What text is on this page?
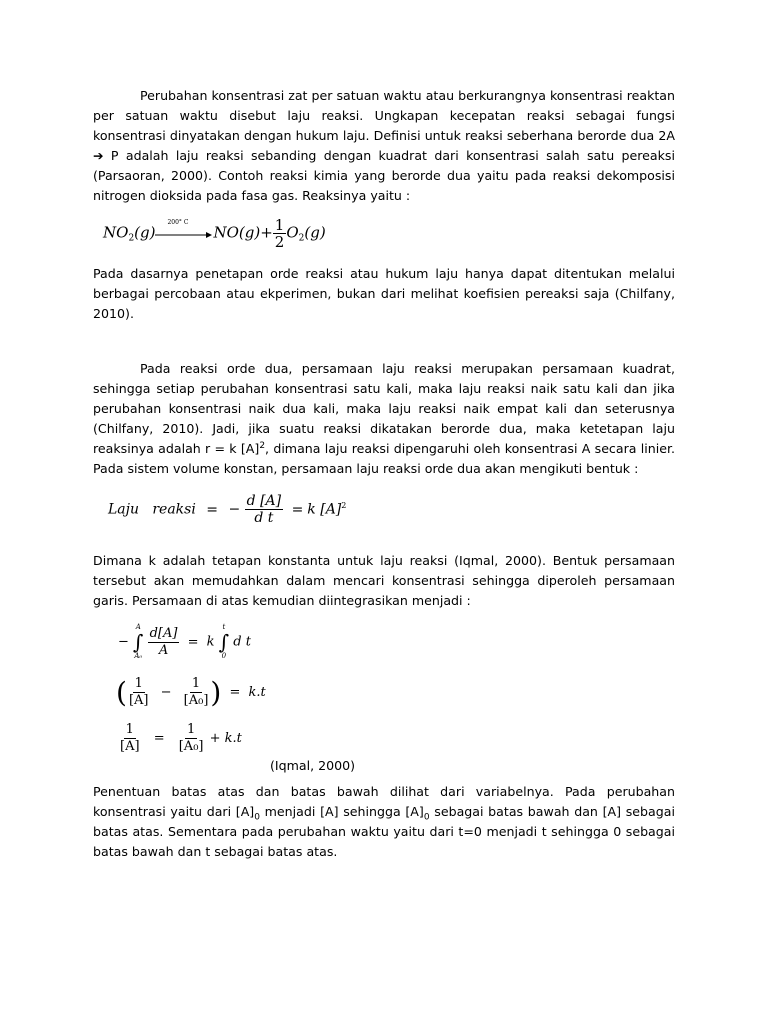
Perubahan konsentrasi zat per satuan waktu atau berkurangnya konsentrasi reaktan per satuan waktu disebut laju reaksi. Ungkapan kecepatan reaksi sebagai fungsi konsentrasi dinyatakan dengan hukum laju. Definisi untuk reaksi seberhana berorde dua 2A ➔ P adalah laju reaksi sebanding dengan kuadrat dari konsentrasi salah satu pereaksi (Parsaoran, 2000). Contoh reaksi kimia yang berorde dua yaitu pada reaksi dekomposisi nitrogen dioksida pada fasa gas. Reaksinya yaitu :

$NO_2(g)$
200° C
$NO(g)+ \frac{1}{2} O_2(g)$

Pada dasarnya penetapan orde reaksi atau hukum laju hanya dapat ditentukan melalui berbagai percobaan atau ekperimen, bukan dari melihat koefisien pereaksi saja (Chilfany, 2010).

Pada reaksi orde dua, persamaan laju reaksi merupakan persamaan kuadrat, sehingga setiap perubahan konsentrasi satu kali, maka laju reaksi naik satu kali dan jika perubahan konsentrasi naik dua kali, maka laju reaksi naik empat kali dan seterusnya (Chilfany, 2010). Jadi, jika suatu reaksi dikatakan berorde dua, maka ketetapan laju reaksinya adalah r = k $[A]^2$, dimana laju reaksi dipengaruhi oleh konsentrasi A secara linier. Pada sistem volume konstan, persamaan laju reaksi orde dua akan mengikuti bentuk :

Laju   reaksi = − $\frac{d [A]}{\text{d t}} = k$ $[A]^2$

Dimana k adalah tetapan konstanta untuk laju reaksi (Iqmal, 2000). Bentuk persamaan tersebut akan memudahkan dalam mencari konsentrasi sehingga diperoleh persamaan garis. Persamaan di atas kemudian diintegrasikan menjadi :

−
A
∫
A₀
$\frac{d[A]}{A} = k$
t
∫
0
d t
( $\frac{1}{[A]} - \frac{1}{\text{[A₀]}}$ ) = k.t
$\frac{1}{[A]} = \frac{1}{\text{[A₀]}} + k.t$
(Iqmal, 2000)

Penentuan batas atas dan batas bawah dilihat dari variabelnya. Pada perubahan konsentrasi yaitu dari $[A]_0$ menjadi [A] sehingga $[A]_0$ sebagai batas bawah dan [A] sebagai batas atas. Sementara pada perubahan waktu yaitu dari t=0 menjadi t sehingga 0 sebagai batas bawah dan t sebagai batas atas.
